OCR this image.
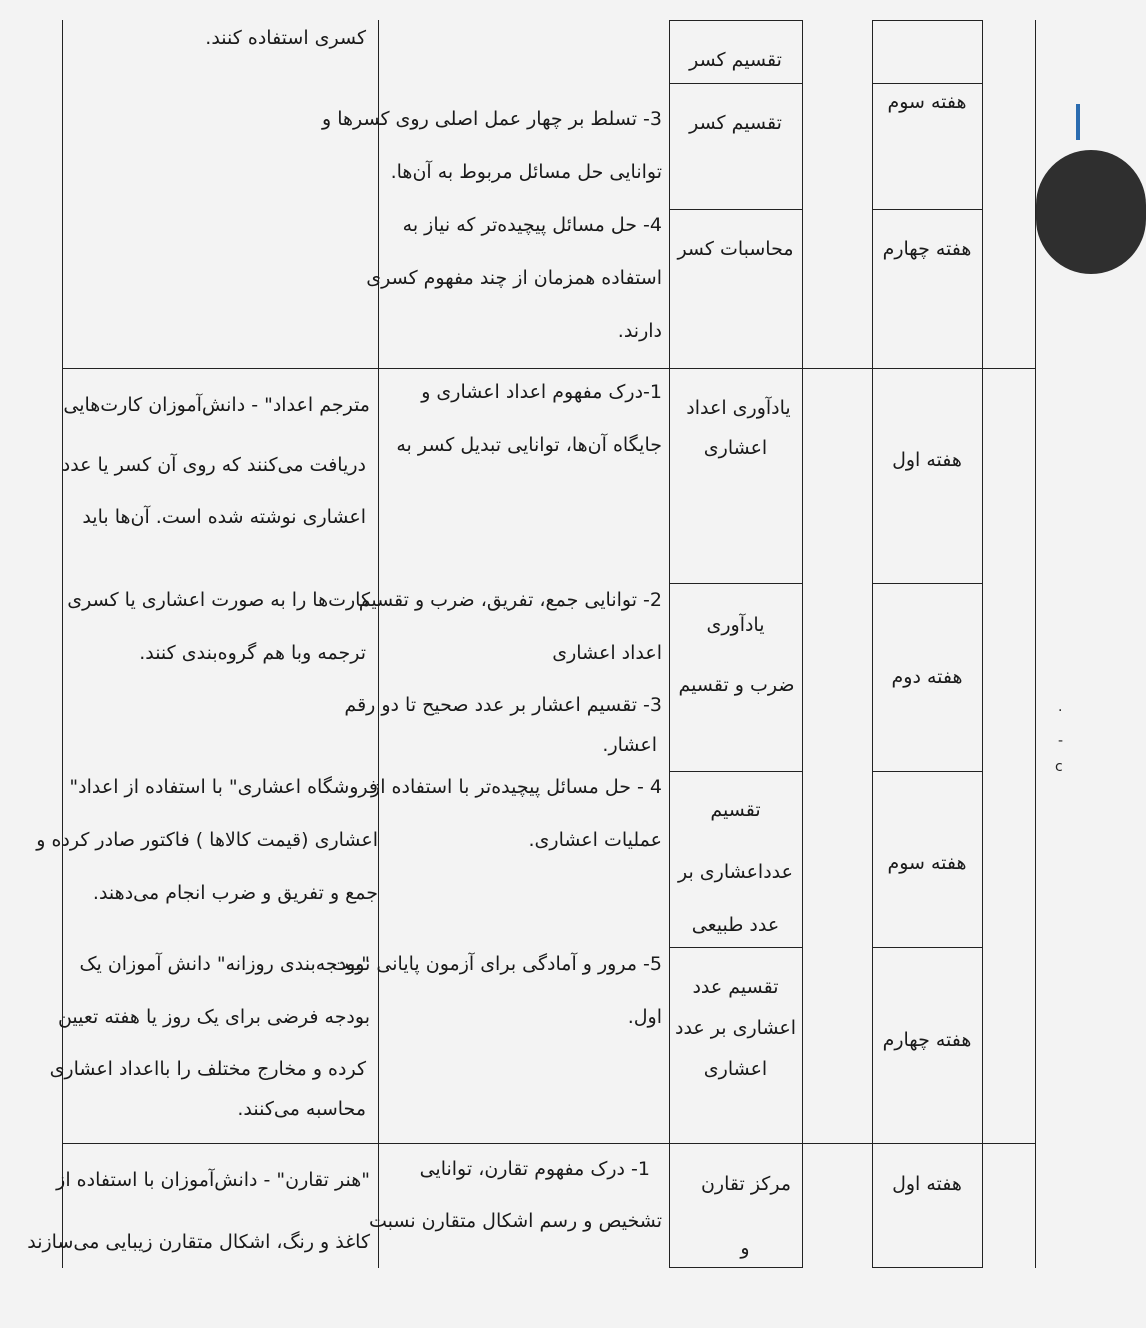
تقسیم کسر
کسری استفاده کنند.
هفته سوم
تقسیم کسر
3- تسلط بر چهار عمل اصلی روی کسرها و
توانایی حل مسائل مربوط به آن‌ها.
هفته چهارم
محاسبات کسر
4- حل مسائل پیچیده‌تر که نیاز به
استفاده همزمان از چند مفهوم کسری
دارند.
هفته اول
یادآوری اعداد
اعشاری
1-درک مفهوم اعداد اعشاری و
جایگاه آن‌ها، توانایی تبدیل کسر به
مترجم اعداد" - دانش‌آموزان کارت‌هایی
دریافت می‌کنند که روی آن کسر یا عدد
اعشاری نوشته شده است. آن‌ها باید
هفته دوم
یادآوری
ضرب و تقسیم
2- توانایی جمع، تفریق، ضرب و تقسیم
اعداد اعشاری
3- تقسیم اعشار بر عدد صحیح تا دو رقم
اعشار.
کارت‌ها را به صورت اعشاری یا کسری
ترجمه وبا هم گروه‌بندی کنند.
هفته سوم
تقسیم
عدداعشاری بر
عدد طبیعی
4 - حل مسائل پیچیده‌تر با استفاده از
عملیات اعشاری.
فروشگاه اعشاری" با استفاده از اعداد"
اعشاری (قیمت کالاها ) فاکتور صادر کرده و
جمع و تفریق و ضرب انجام می‌دهند.
هفته چهارم
تقسیم عدد
اعشاری بر عدد
اعشاری
5- مرور و آمادگی برای آزمون پایانی نوبت
اول.
"بودجه‌بندی روزانه" دانش آموزان یک
بودجه فرضی برای یک روز یا هفته تعیین
کرده و مخارج مختلف را بااعداد اعشاری
محاسبه می‌کنند.
هفته اول
مرکز تقارن
و
1- درک مفهوم تقارن، توانایی
تشخیص و رسم اشکال متقارن نسبت
"هنر تقارن" - دانش‌آموزان با استفاده از
کاغذ و رنگ، اشکال متقارن زیبایی می‌سازند
.
-
c
